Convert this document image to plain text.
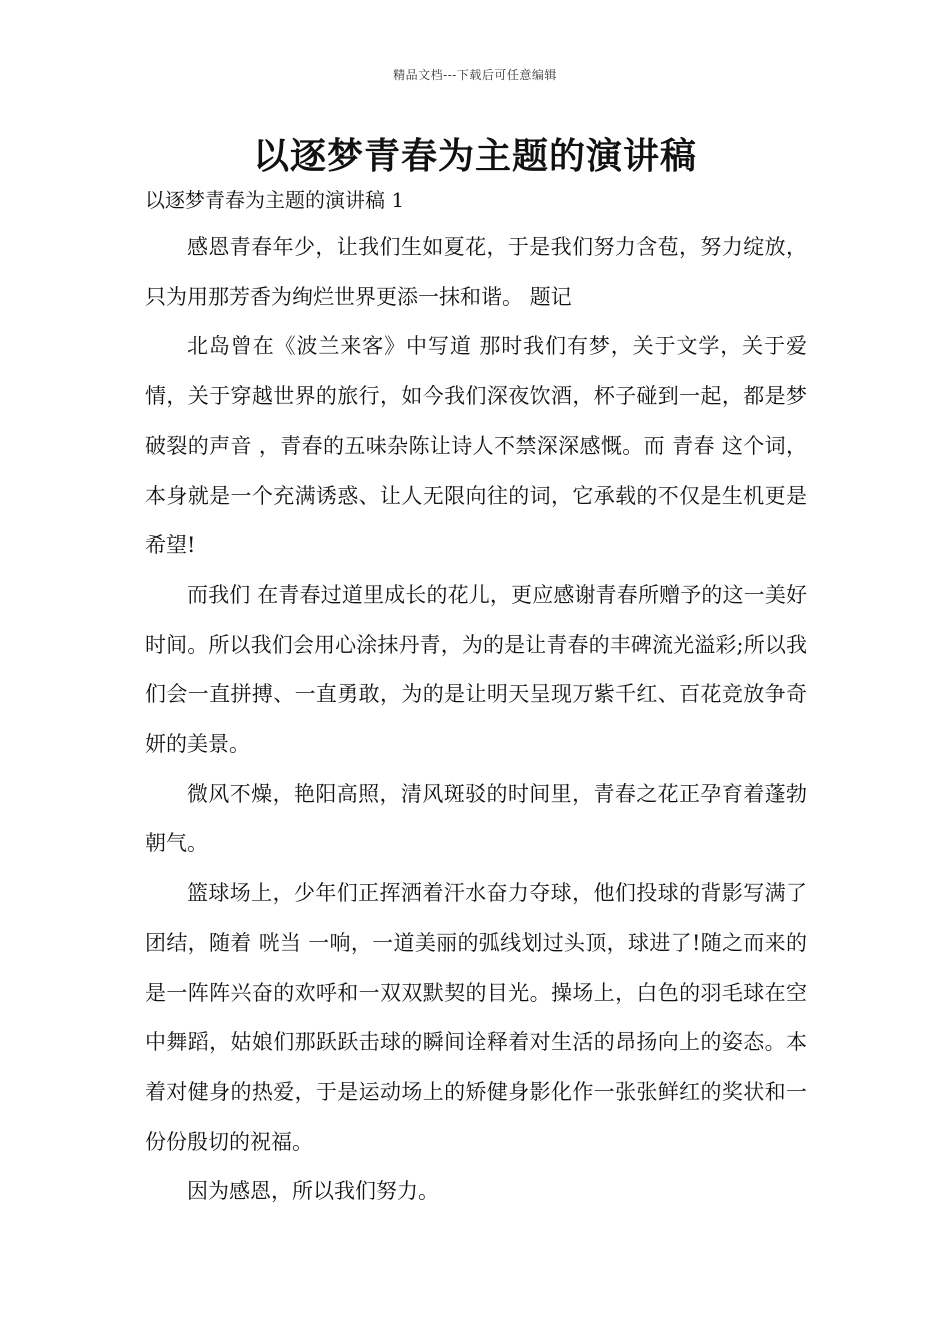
精品文档---下载后可任意编辑
以逐梦青春为主题的演讲稿

以逐梦青春为主题的演讲稿 1

感恩青春年少，让我们生如夏花，于是我们努力含苞，努力绽放，只为用那芳香为绚烂世界更添一抹和谐。 题记

北岛曾在《波兰来客》中写道 那时我们有梦，关于文学，关于爱情，关于穿越世界的旅行，如今我们深夜饮酒，杯子碰到一起，都是梦破裂的声音 ，青春的五味杂陈让诗人不禁深深感慨。而 青春 这个词，本身就是一个充满诱惑、让人无限向往的词，它承载的不仅是生机更是希望!

而我们 在青春过道里成长的花儿，更应感谢青春所赠予的这一美好时间。所以我们会用心涂抹丹青，为的是让青春的丰碑流光溢彩;所以我们会一直拼搏、一直勇敢，为的是让明天呈现万紫千红、百花竞放争奇妍的美景。

微风不燥，艳阳高照，清风斑驳的时间里，青春之花正孕育着蓬勃朝气。

篮球场上，少年们正挥洒着汗水奋力夺球，他们投球的背影写满了团结，随着 咣当 一响，一道美丽的弧线划过头顶，球进了!随之而来的是一阵阵兴奋的欢呼和一双双默契的目光。操场上，白色的羽毛球在空中舞蹈，姑娘们那跃跃击球的瞬间诠释着对生活的昂扬向上的姿态。本着对健身的热爱，于是运动场上的矫健身影化作一张张鲜红的奖状和一份份殷切的祝福。

因为感恩，所以我们努力。
